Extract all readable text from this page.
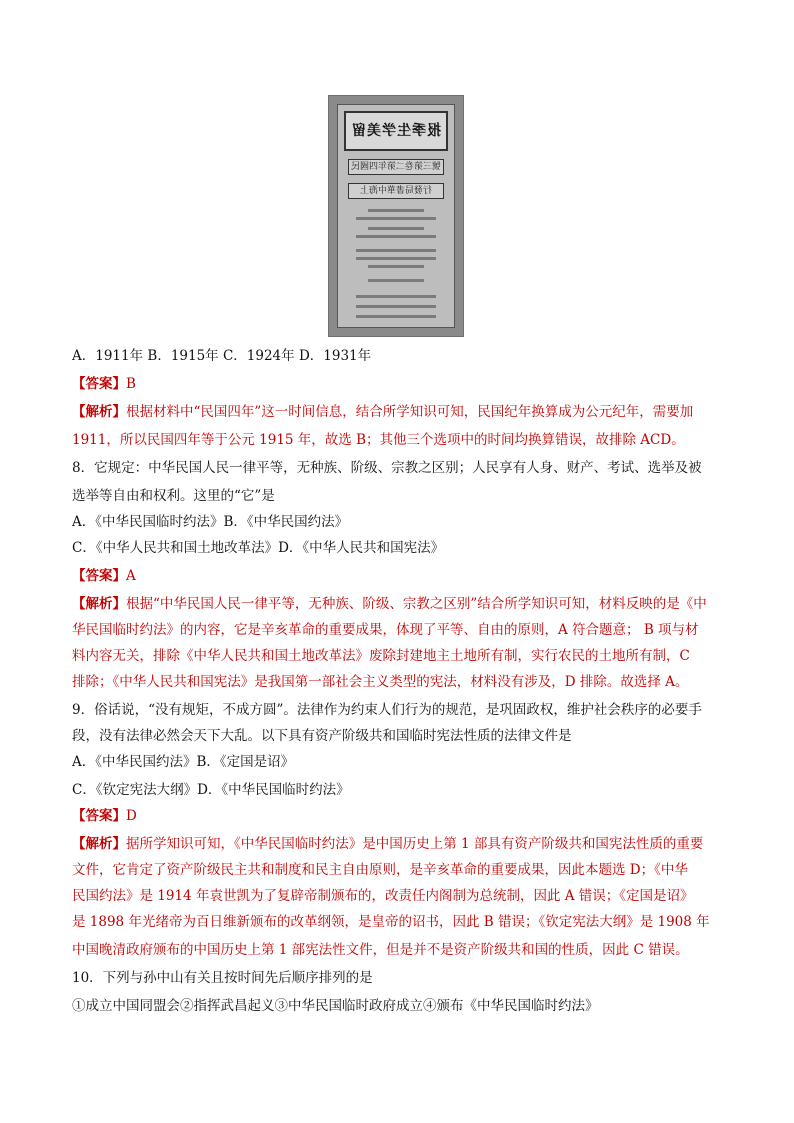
报季生学美留
號三第卷二第年四國民
行發局書華中海上
A．1911年 B．1915年 C．1924年 D．1931年
【答案】B
【解析】根据材料中“民国四年”这一时间信息，结合所学知识可知，民国纪年换算成为公元纪年，需要加
1911，所以民国四年等于公元 1915 年，故选 B；其他三个选项中的时间均换算错误，故排除 ACD。
8．它规定：中华民国人民一律平等，无种族、阶级、宗教之区别；人民享有人身、财产、考试、选举及被
选举等自由和权利。这里的“它”是
A．《中华民国临时约法》B．《中华民国约法》
C．《中华人民共和国土地改革法》D．《中华人民共和国宪法》
【答案】A
【解析】根据“中华民国人民一律平等，无种族、阶级、宗教之区别”结合所学知识可知，材料反映的是《中
华民国临时约法》的内容，它是辛亥革命的重要成果，体现了平等、自由的原则，A 符合题意； B 项与材
料内容无关，排除《中华人民共和国土地改革法》废除封建地主土地所有制，实行农民的土地所有制，C
排除；《中华人民共和国宪法》是我国第一部社会主义类型的宪法，材料没有涉及，D 排除。故选择 A。
9．俗话说，“没有规矩，不成方圆”。法律作为约束人们行为的规范，是巩固政权，维护社会秩序的必要手
段，没有法律必然会天下大乱。以下具有资产阶级共和国临时宪法性质的法律文件是
A．《中华民国约法》B．《定国是诏》
C．《钦定宪法大纲》D．《中华民国临时约法》
【答案】D
【解析】据所学知识可知，《中华民国临时约法》是中国历史上第 1 部具有资产阶级共和国宪法性质的重要
文件，它肯定了资产阶级民主共和制度和民主自由原则，是辛亥革命的重要成果，因此本题选 D；《中华
民国约法》是 1914 年袁世凯为了复辟帝制颁布的，改责任内阁制为总统制，因此 A 错误；《定国是诏》
是 1898 年光绪帝为百日维新颁布的改革纲领，是皇帝的诏书，因此 B 错误；《钦定宪法大纲》是 1908 年
中国晚清政府颁布的中国历史上第 1 部宪法性文件，但是并不是资产阶级共和国的性质，因此 C 错误。
10．下列与孙中山有关且按时间先后顺序排列的是
①成立中国同盟会②指挥武昌起义③中华民国临时政府成立④颁布《中华民国临时约法》
